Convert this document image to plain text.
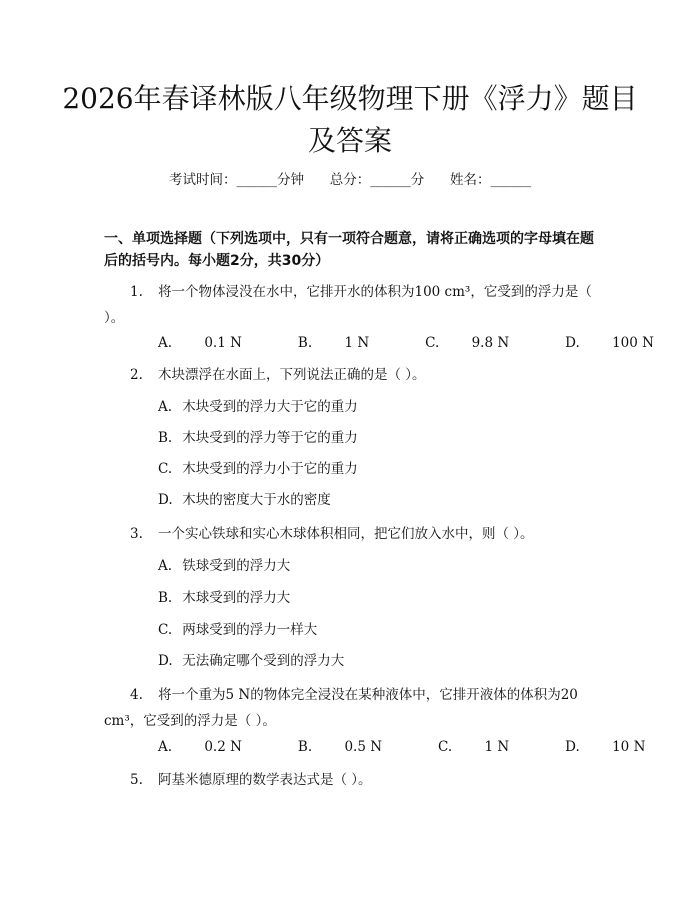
2026年春译林版八年级物理下册《浮力》题目及答案
考试时间：______分钟 总分：______分 姓名：______
一、单项选择题（下列选项中，只有一项符合题意，请将正确选项的字母填在题后的括号内。每小题2分，共30分）
1. 将一个物体浸没在水中，它排开水的体积为100 cm³，它受到的浮力是（ ）。
A. 0.1 N	B. 1 N	C. 9.8 N	D. 100 N
2. 木块漂浮在水面上，下列说法正确的是（ ）。
A. 木块受到的浮力大于它的重力
B. 木块受到的浮力等于它的重力
C. 木块受到的浮力小于它的重力
D. 木块的密度大于水的密度
3. 一个实心铁球和实心木球体积相同，把它们放入水中，则（ ）。
A. 铁球受到的浮力大
B. 木球受到的浮力大
C. 两球受到的浮力一样大
D. 无法确定哪个受到的浮力大
4. 将一个重为5 N的物体完全浸没在某种液体中，它排开液体的体积为20 cm³，它受到的浮力是（ ）。
A. 0.2 N	B. 0.5 N	C. 1 N	D. 10 N
5. 阿基米德原理的数学表达式是（ ）。
